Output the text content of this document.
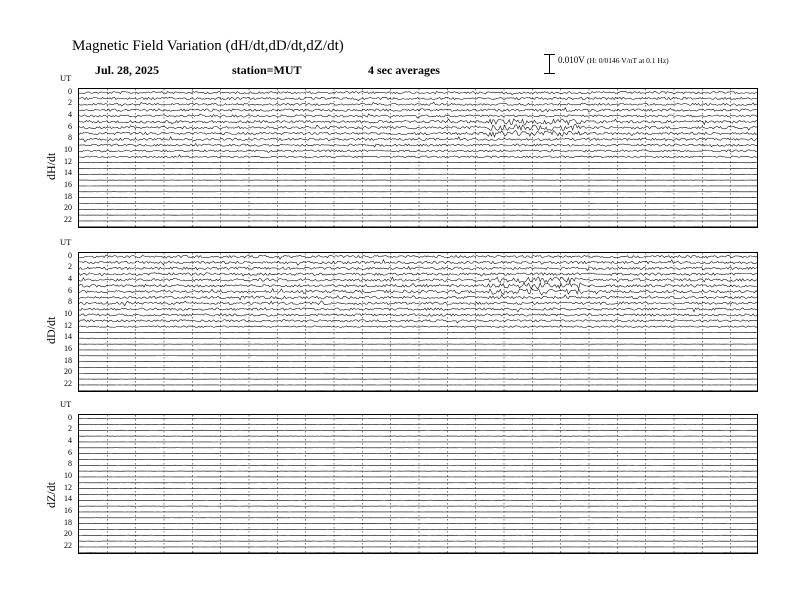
Magnetic Field Variation (dH/dt,dD/dt,dZ/dt)
Jul. 28, 2025	station=MUT	4 sec averages
0.010V (H: 0/0146 V/nT at 0.1 Hz)
UT
dH/dt
0
2
4
6
8
10
12
14
16
18
20
22
UT
dD/dt
0
2
4
6
8
10
12
14
16
18
20
22
UT
dZ/dt
0
2
4
6
8
10
12
14
16
18
20
22
